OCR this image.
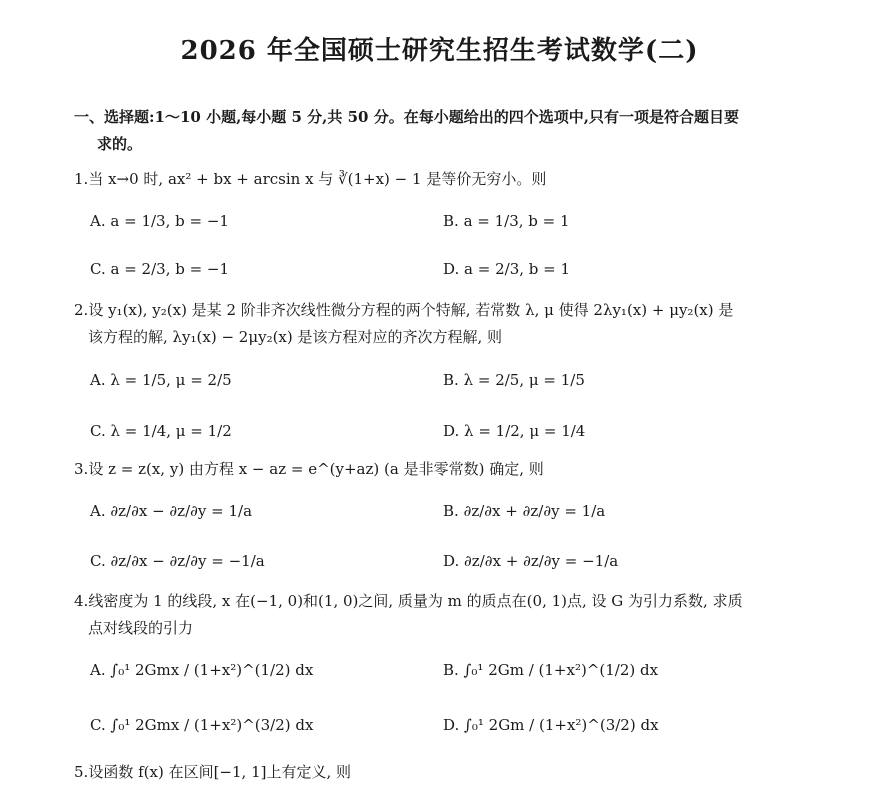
2026 年全国硕士研究生招生考试数学(二)
一、选择题:1～10 小题,每小题 5 分,共 50 分。在每小题给出的四个选项中,只有一项是符合题目要
求的。
1.当 x→0 时, ax² + bx + arcsin x 与 ∛(1+x) − 1 是等价无穷小。则
A. a = 1/3, b = −1	B. a = 1/3, b = 1
C. a = 2/3, b = −1	D. a = 2/3, b = 1
2.设 y₁(x), y₂(x) 是某 2 阶非齐次线性微分方程的两个特解, 若常数 λ, μ 使得 2λy₁(x) + μy₂(x) 是
该方程的解, λy₁(x) − 2μy₂(x) 是该方程对应的齐次方程解, 则
A. λ = 1/5, μ = 2/5	B. λ = 2/5, μ = 1/5
C. λ = 1/4, μ = 1/2	D. λ = 1/2, μ = 1/4
3.设 z = z(x, y) 由方程 x − az = e^(y+az) (a 是非零常数) 确定, 则
A. ∂z/∂x − ∂z/∂y = 1/a	B. ∂z/∂x + ∂z/∂y = 1/a
C. ∂z/∂x − ∂z/∂y = −1/a	D. ∂z/∂x + ∂z/∂y = −1/a
4.线密度为 1 的线段, x 在(−1, 0)和(1, 0)之间, 质量为 m 的质点在(0, 1)点, 设 G 为引力系数, 求质
点对线段的引力
A. ∫₀¹ 2Gmx / (1+x²)^(1/2) dx	B. ∫₀¹ 2Gm / (1+x²)^(1/2) dx
C. ∫₀¹ 2Gmx / (1+x²)^(3/2) dx	D. ∫₀¹ 2Gm / (1+x²)^(3/2) dx
5.设函数 f(x) 在区间[−1, 1]上有定义, 则
